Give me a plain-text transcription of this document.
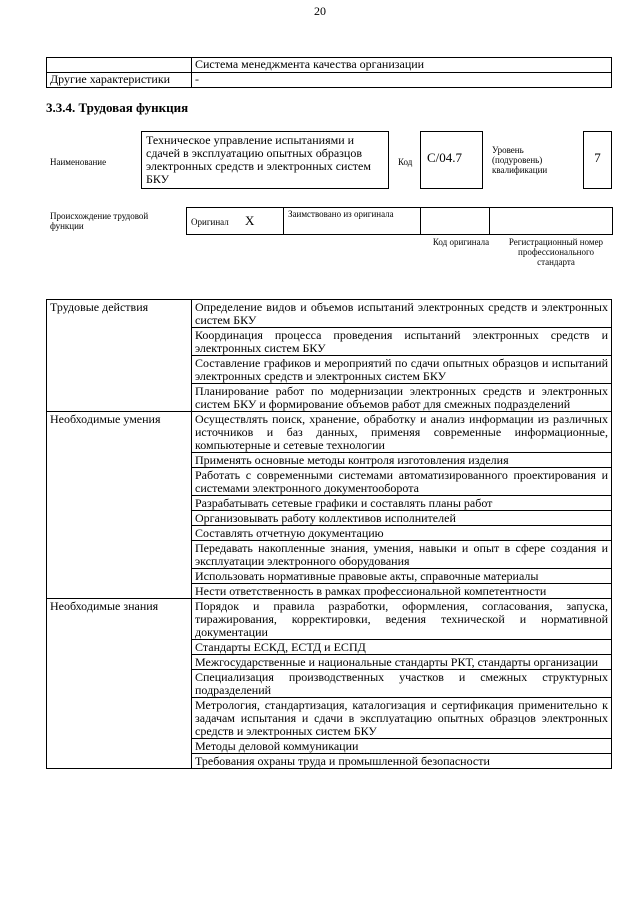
20
	Система менеджмента качества организации
Другие характеристики	-
3.3.4. Трудовая функция
Наименование
Техническое управление испытаниями и сдачей в эксплуатацию опытных образцов электронных средств и электронных систем БКУ
Код	С/04.7	Уровень (подуровень) квалификации
7
Происхождение трудовой функции	Оригинал X	Заимствовано из оригинала		
Код оригинала	Регистрационный номер профессионального стандарта
Трудовые действия	Определение видов и объемов испытаний электронных средств и электронных систем БКУ
	Координация процесса проведения испытаний электронных средств и электронных систем БКУ
	Составление графиков и мероприятий по сдачи опытных образцов и испытаний электронных средств и электронных систем БКУ
	Планирование работ по модернизации электронных средств и электронных систем БКУ и формирование объемов работ для смежных подразделений
Необходимые умения	Осуществлять поиск, хранение, обработку и анализ информации из различных источников и баз данных, применяя современные информационные, компьютерные и сетевые технологии
	Применять основные методы контроля изготовления изделия
	Работать с современными системами автоматизированного проектирования и системами электронного документооборота
	Разрабатывать сетевые графики и составлять планы работ
	Организовывать работу коллективов исполнителей
	Составлять отчетную документацию
	Передавать накопленные знания, умения, навыки и опыт в сфере создания и эксплуатации электронного оборудования
	Использовать нормативные правовые акты, справочные материалы
	Нести ответственность в рамках профессиональной компетентности
Необходимые знания	Порядок и правила разработки, оформления, согласования, запуска, тиражирования, корректировки, ведения технической и нормативной документации
	Стандарты ЕСКД, ЕСТД и ЕСПД
	Межгосударственные и национальные стандарты РКТ, стандарты организации
	Специализация производственных участков и смежных структурных подразделений
	Метрология, стандартизация, каталогизация и сертификация применительно к задачам испытания и сдачи в эксплуатацию опытных образцов электронных средств и электронных систем БКУ
	Методы деловой коммуникации
	Требования охраны труда и промышленной безопасности
